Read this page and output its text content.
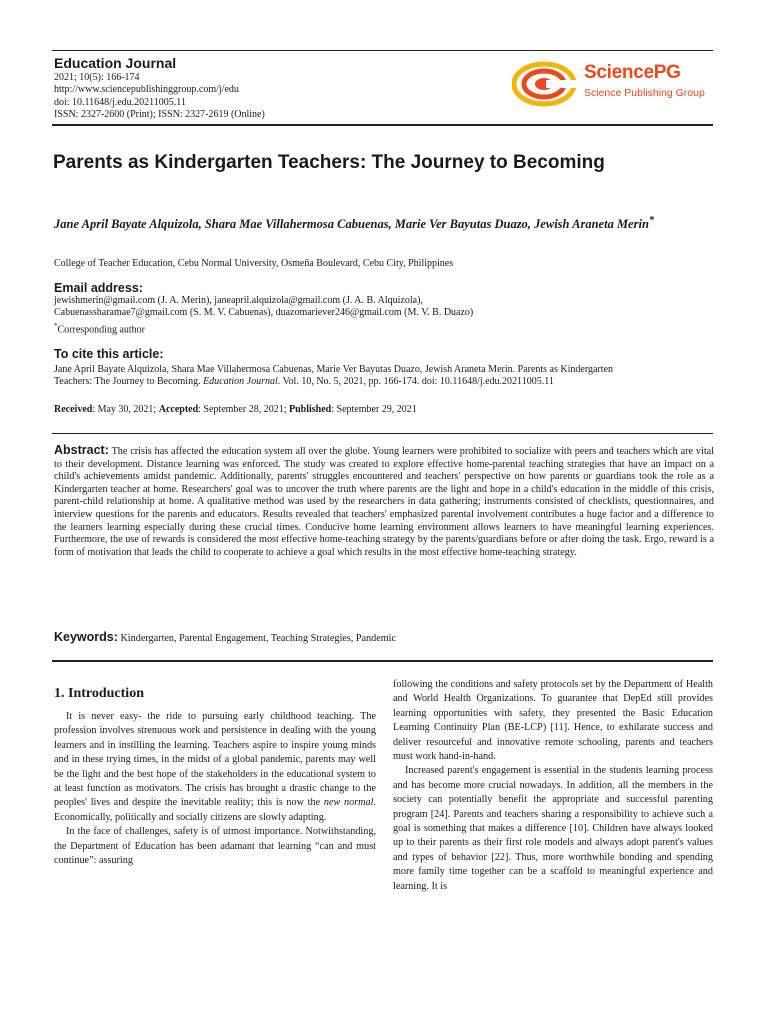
Education Journal
2021; 10(5): 166-174
http://www.sciencepublishinggroup.com/j/edu
doi: 10.11648/j.edu.20211005.11
ISSN: 2327-2600 (Print); ISSN: 2327-2619 (Online)
SciencePG
Science Publishing Group
Parents as Kindergarten Teachers: The Journey to Becoming
Jane April Bayate Alquizola, Shara Mae Villahermosa Cabuenas, Marie Ver Bayutas Duazo, Jewish Araneta Merin*
College of Teacher Education, Cebu Normal University, Osmeña Boulevard, Cebu City, Philippines
Email address:
jewishmerin@gmail.com (J. A. Merin), janeapril.alquizola@gmail.com (J. A. B. Alquizola),
Cabuenassharamae7@gmail.com (S. M. V. Cabuenas), duazomariever246@gmail.com (M. V. B. Duazo)
*Corresponding author
To cite this article:
Jane April Bayate Alquizola, Shara Mae Villahermosa Cabuenas, Marie Ver Bayutas Duazo, Jewish Araneta Merin. Parents as Kindergarten
Teachers: The Journey to Becoming. Education Journal. Vol. 10, No. 5, 2021, pp. 166-174. doi: 10.11648/j.edu.20211005.11
Received: May 30, 2021; Accepted: September 28, 2021; Published: September 29, 2021
Abstract: The crisis has affected the education system all over the globe. Young learners were prohibited to socialize with peers and teachers which are vital to their development. Distance learning was enforced. The study was created to explore effective home-parental teaching strategies that have an impact on a child's achievements amidst pandemic. Additionally, parents' struggles encountered and teachers' perspective on how parents or guardians took the role as a Kindergarten teacher at home. Researchers' goal was to uncover the truth where parents are the light and hope in a child's education in the middle of this crisis, parent-child relationship at home. A qualitative method was used by the researchers in data gathering; instruments consisted of checklists, questionnaires, and interview questions for the parents and educators. Results revealed that teachers' emphasized parental involvement contributes a huge factor and a difference to the learners learning especially during these crucial times. Conducive home learning environment allows learners to have meaningful learning experiences. Furthermore, the use of rewards is considered the most effective home-teaching strategy by the parents/guardians before or after doing the task. Ergo, reward is a form of motivation that leads the child to cooperate to achieve a goal which results in the most effective home-teaching strategy.
Keywords: Kindergarten, Parental Engagement, Teaching Strategies, Pandemic
1. Introduction

It is never easy- the ride to pursuing early childhood teaching. The profession involves strenuous work and persistence in dealing with the young learners and in instilling the learning. Teachers aspire to inspire young minds and in these trying times, in the midst of a global pandemic, parents may well be the light and the best hope of the stakeholders in the educational system to at least function as motivators. The crisis has brought a drastic change to the peoples' lives and despite the inevitable reality; this is now the new normal. Economically, politically and socially citizens are slowly adapting.

In the face of challenges, safety is of utmost importance. Notwithstanding, the Department of Education has been adamant that learning “can and must continue”: assuring

following the conditions and safety protocols set by the Department of Health and World Health Organizations. To guarantee that DepEd still provides learning opportunities with safety, they presented the Basic Education Learning Continuity Plan (BE-LCP) [11]. Hence, to exhilarate success and deliver resourceful and innovative remote schooling, parents and teachers must work hand-in-hand.

Increased parent's engagement is essential in the students learning process and has become more crucial nowadays. In addition, all the members in the society can potentially benefit the appropriate and successful parenting program [24]. Parents and teachers sharing a responsibility to achieve such a goal is something that makes a difference [10]. Children have always looked up to their parents as their first role models and always adopt parent's values and types of behavior [22]. Thus, more worthwhile bonding and spending more family time together can be a scaffold to meaningful experience and learning. It is
